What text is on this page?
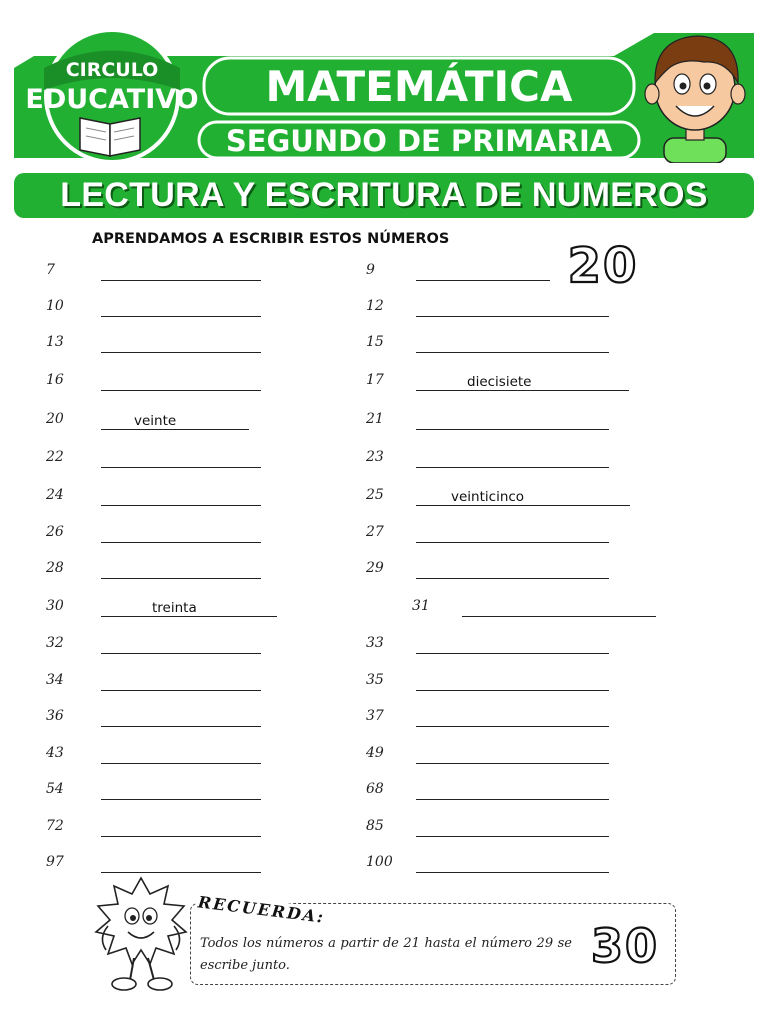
CIRCULO
EDUCATIVO MATEMÁTICA
SEGUNDO DE PRIMARIA
LECTURA Y ESCRITURA DE NUMEROS
APRENDAMOS A ESCRIBIR ESTOS NÚMEROS 20
7
10
13
16
20	veinte
22
24
26
28
30	treinta
32
34
36
43
54
72
97
9
12
15
17	diecisiete
21
23
25	veinticinco
27
29
31
33
35
37
49
68
85
100
RECUERDA:
Todos los números a partir de 21 hasta el número 29 se escribe junto.	30
